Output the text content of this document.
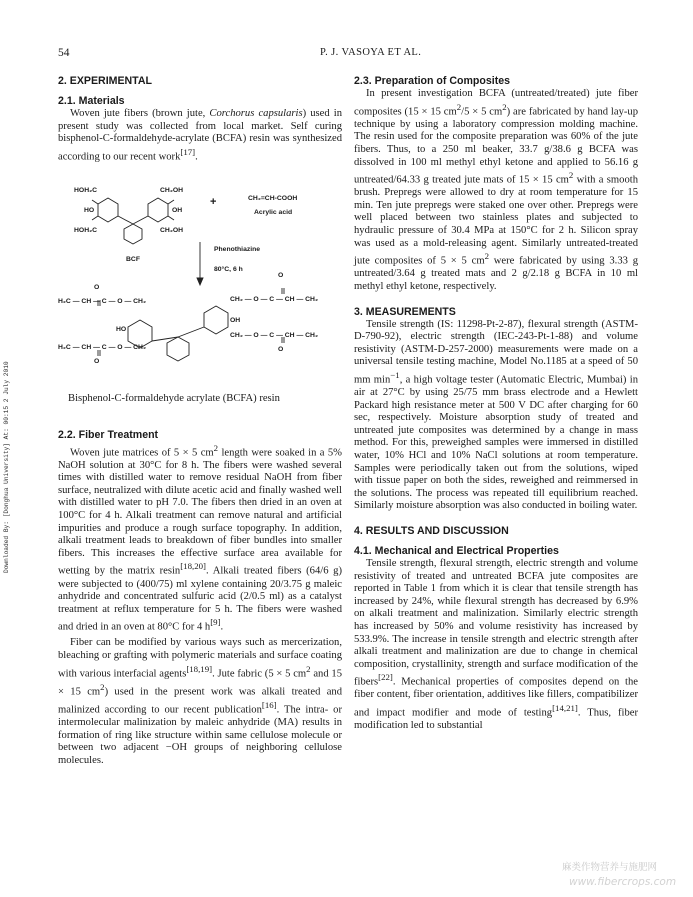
54	P. J. VASOYA ET AL.
Downloaded By: [Donghua University] At: 00:15 2 July 2010
2. EXPERIMENTAL
2.1. Materials

Woven jute fibers (brown jute, Corchorus capsularis) used in present study was collected from local market. Self curing bisphenol-C-formaldehyde-acrylate (BCFA) resin was synthesized according to our recent work[17].

HOH₂C	CH₂OH
HO	OH
HOH₂C	CH₂OH
BCF
+	CH₂=CH-COOH
Acrylic acid
Phenothiazine
80°C, 6 h
O
H₂C — CH — C — O — CH₂
HO
H₂C — CH — C — O — CH₂
O
O
CH₂ — O — C — CH — CH₂
OH
CH₂ — O — C — CH — CH₂
O
Bisphenol-C-formaldehyde acrylate (BCFA) resin
2.2. Fiber Treatment

Woven jute matrices of 5 × 5 $cm^2$ length were soaked in a 5% NaOH solution at 30°C for 8 h. The fibers were washed several times with distilled water to remove residual NaOH from fiber surface, neutralized with dilute acetic acid and finally washed well with distilled water to pH 7.0. The fibers then dried in an oven at 100°C for 4 h. Alkali treatment can remove natural and artificial impurities and produce a rough surface topography. In addition, alkali treatment leads to breakdown of fiber bundles into smaller fibers. This increases the effective surface area available for wetting by the matrix resin[18,20]. Alkali treated fibers (64/6 g) were subjected to (400/75) ml xylene containing 20/3.75 g maleic anhydride and concentrated sulfuric acid (2/0.5 ml) as a catalyst treatment at reflux temperature for 5 h. The fibers were washed and dried in an oven at 80°C for 4 h[9].

Fiber can be modified by various ways such as mercerization, bleaching or grafting with polymeric materials and surface coating with various interfacial agents[18,19]. Jute fabric (5 × 5 $cm^2$ and 15 × 15 $cm^2$) used in the present work was alkali treated and malinized according to our recent publication[16]. The intra- or intermolecular malinization by maleic anhydride (MA) results in formation of ring like structure within same cellulose molecule or between two adjacent −OH groups of neighboring cellulose molecules.

2.3. Preparation of Composites

In present investigation BCFA (untreated/treated) jute fiber composites (15 × 15 $cm^2/5 \times 5$ $cm^2$) are fabricated by hand lay-up technique by using a laboratory compression molding machine. The resin used for the composite preparation was 60% of the jute fibers. Thus, to a 250 ml beaker, 33.7 g/38.6 g BCFA was dissolved in 100 ml methyl ethyl ketone and applied to 56.16 g untreated/64.33 g treated jute mats of 15 × 15 $cm^2$ with a smooth brush. Prepregs were allowed to dry at room temperature for 15 min. Ten jute prepregs were staked one over other. Prepregs were well placed between two stainless plates and subjected to hydraulic pressure of 30.4 MPa at 150°C for 2 h. Silicon spray was used as a mold-releasing agent. Similarly untreated-treated jute composites of 5 × 5 $cm^2$ were fabricated by using 3.33 g untreated/3.64 g treated mats and 2 g/2.18 g BCFA in 10 ml methyl ethyl ketone, respectively.

3. MEASUREMENTS

Tensile strength (IS: 11298-Pt-2-87), flexural strength (ASTM-D-790-92), electric strength (IEC-243-Pt-1-88) and volume resistivity (ASTM-D-257-2000) measurements were made on a universal tensile testing machine, Model No.1185 at a speed of 50 mm $\min^{-1}$, a high voltage tester (Automatic Electric, Mumbai) in air at 27°C by using 25/75 mm brass electrode and a Hewlett Packard high resistance meter at 500 V DC after charging for 60 sec, respectively. Moisture absorption study of treated and untreated jute composites was determined by a change in mass method. For this, preweighed samples were immersed in distilled water, 10% HCl and 10% NaCl solutions at room temperature. Samples were periodically taken out from the solutions, wiped with tissue paper on both the sides, reweighed and reimmersed in the solutions. The process was repeated till equilibrium reached. Similarly moisture absorption was also conducted in boiling water.

4. RESULTS AND DISCUSSION
4.1. Mechanical and Electrical Properties

Tensile strength, flexural strength, electric strength and volume resistivity of treated and untreated BCFA jute composites are reported in Table 1 from which it is clear that tensile strength has increased by 24%, while flexural strength has decreased by 6.9% on alkali treatment and malinization. Similarly electric strength has increased by 50% and volume resistivity has increased by 533.9%. The increase in tensile strength and electric strength after alkali treatment and malinization are due to change in chemical composition, crystallinity, strength and surface modification of the fibers[22]. Mechanical properties of composites depend on the fiber content, fiber orientation, additives like fillers, compatibilizer and impact modifier and mode of testing[14,21]. Thus, fiber modification led to substantial

麻类作物营养与施肥网
www.fibercrops.com
